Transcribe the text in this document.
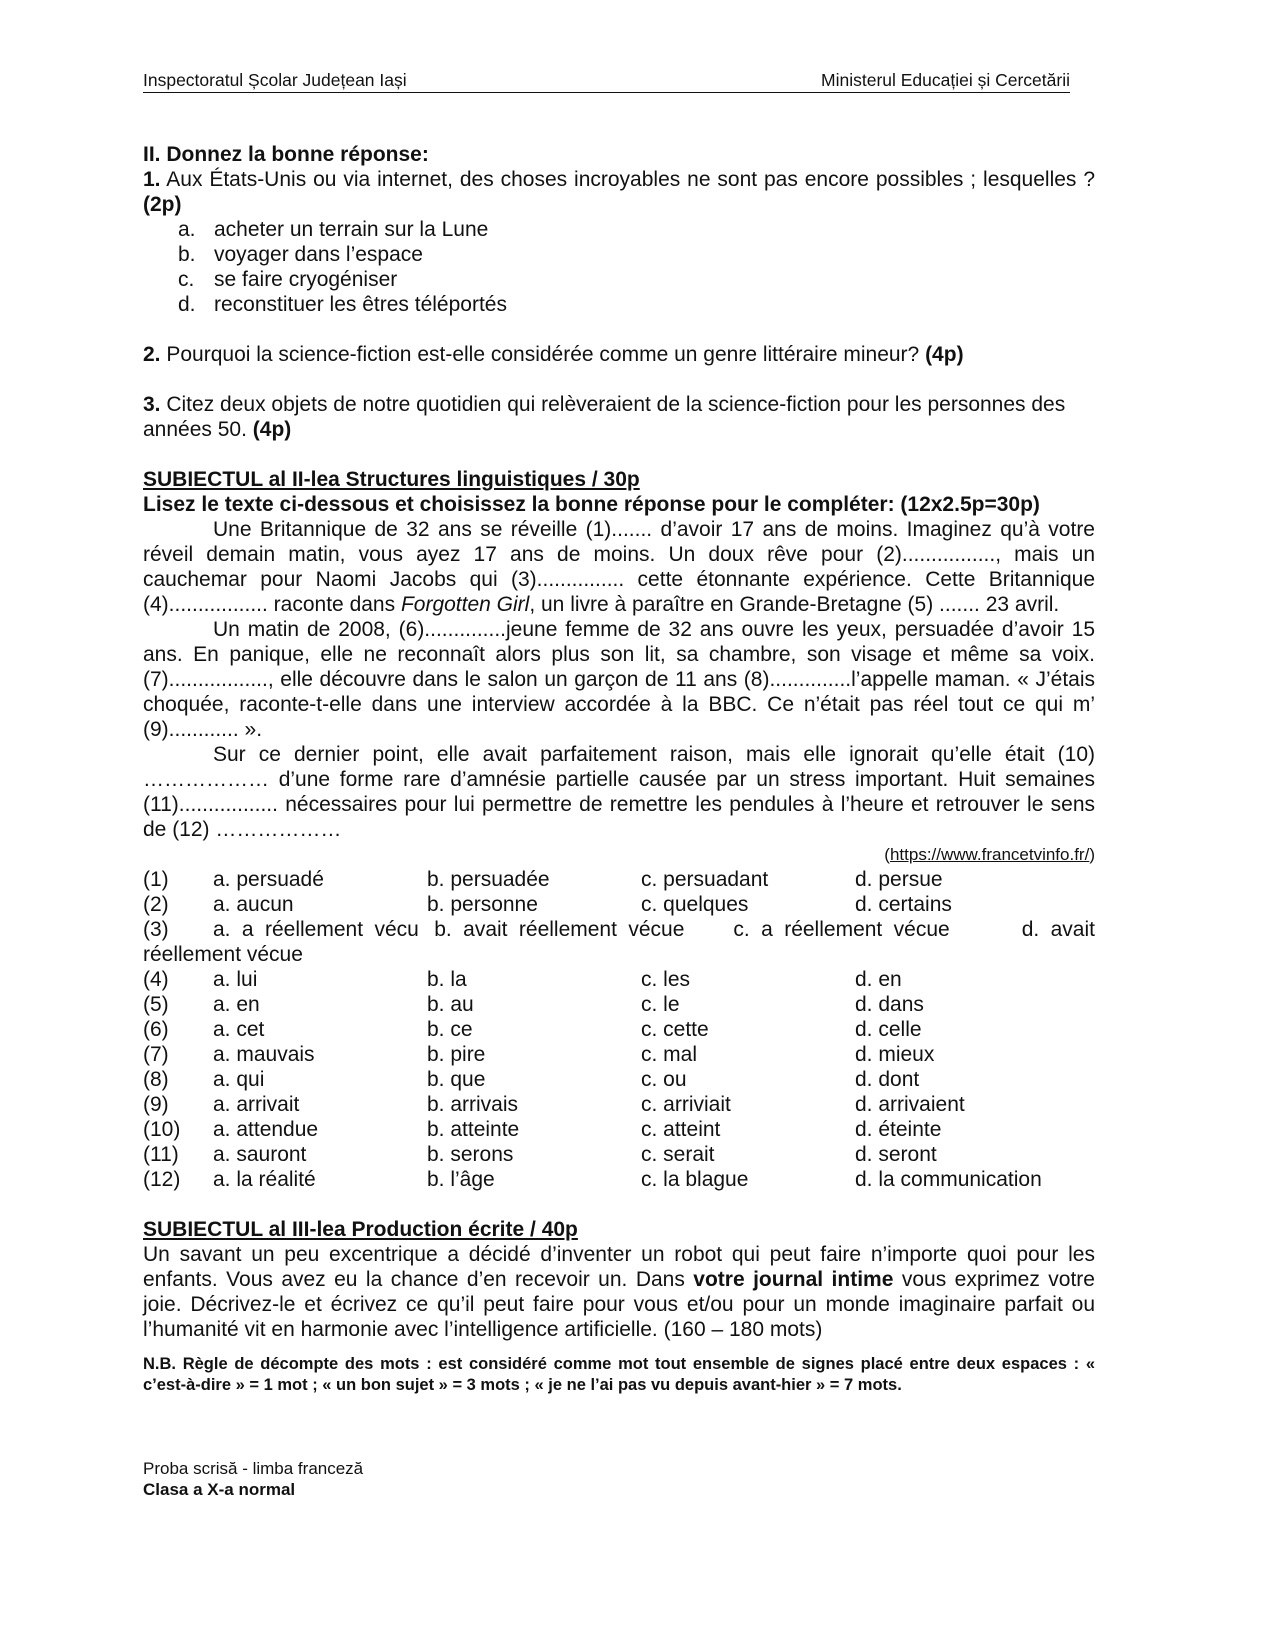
Inspectoratul Școlar Județean Iași	Ministerul Educației și Cercetării

II. Donnez la bonne réponse:

1. Aux États-Unis ou via internet, des choses incroyables ne sont pas encore possibles ; lesquelles ? (2p)

a. acheter un terrain sur la Lune
b. voyager dans l’espace
c. se faire cryogéniser
d. reconstituer les êtres téléportés

2. Pourquoi la science-fiction est-elle considérée comme un genre littéraire mineur? (4p)

3. Citez deux objets de notre quotidien qui relèveraient de la science-fiction pour les personnes des années 50. (4p)

SUBIECTUL al II-lea Structures linguistiques / 30p

Lisez le texte ci-dessous et choisissez la bonne réponse pour le compléter: (12x2.5p=30p)

Une Britannique de 32 ans se réveille (1)....... d’avoir 17 ans de moins. Imaginez qu’à votre réveil demain matin, vous ayez 17 ans de moins. Un doux rêve pour (2)................, mais un cauchemar pour Naomi Jacobs qui (3)............... cette étonnante expérience. Cette Britannique (4)................. raconte dans Forgotten Girl, un livre à paraître en Grande-Bretagne (5) ....... 23 avril.

Un matin de 2008, (6)..............jeune femme de 32 ans ouvre les yeux, persuadée d’avoir 15 ans. En panique, elle ne reconnaît alors plus son lit, sa chambre, son visage et même sa voix. (7)................., elle découvre dans le salon un garçon de 11 ans (8)..............l’appelle maman. « J’étais choquée, raconte-t-elle dans une interview accordée à la BBC. Ce n’était pas réel tout ce qui m’ (9)............ ».

Sur ce dernier point, elle avait parfaitement raison, mais elle ignorait qu’elle était (10) ……………… d’une forme rare d’amnésie partielle causée par un stress important. Huit semaines (11)................. nécessaires pour lui permettre de remettre les pendules à l’heure et retrouver le sens de (12) ………………

(https://www.francetvinfo.fr/)

(1)	a. persuadé	b. persuadée	c. persuadant	d. persue
(2)	a. aucun	b. personne	c. quelques	d. certains
(3) a. a réellement vécu b. avait réellement vécue c. a réellement vécue	d. avait réellement vécue
(4)	a. lui	b. la	c. les	d. en
(5)	a. en	b. au	c. le	d. dans
(6)	a. cet	b. ce	c. cette	d. celle
(7)	a. mauvais	b. pire	c. mal	d. mieux
(8)	a. qui	b. que	c. ou	d. dont
(9)	a. arrivait	b. arrivais	c. arriviait	d. arrivaient
(10)	a. attendue	b. atteinte	c. atteint	d. éteinte
(11)	a. sauront	b. serons	c. serait	d. seront
(12)	a. la réalité	b. l’âge	c. la blague	d. la communication

SUBIECTUL al III-lea Production écrite / 40p

Un savant un peu excentrique a décidé d’inventer un robot qui peut faire n’importe quoi pour les enfants. Vous avez eu la chance d’en recevoir un. Dans votre journal intime vous exprimez votre joie. Décrivez-le et écrivez ce qu’il peut faire pour vous et/ou pour un monde imaginaire parfait ou l’humanité vit en harmonie avec l’intelligence artificielle. (160 – 180 mots)

N.B. Règle de décompte des mots : est considéré comme mot tout ensemble de signes placé entre deux espaces : « c’est-à-dire » = 1 mot ; « un bon sujet » = 3 mots ; « je ne l’ai pas vu depuis avant-hier » = 7 mots.

Proba scrisă - limba franceză
Clasa a X-a normal
